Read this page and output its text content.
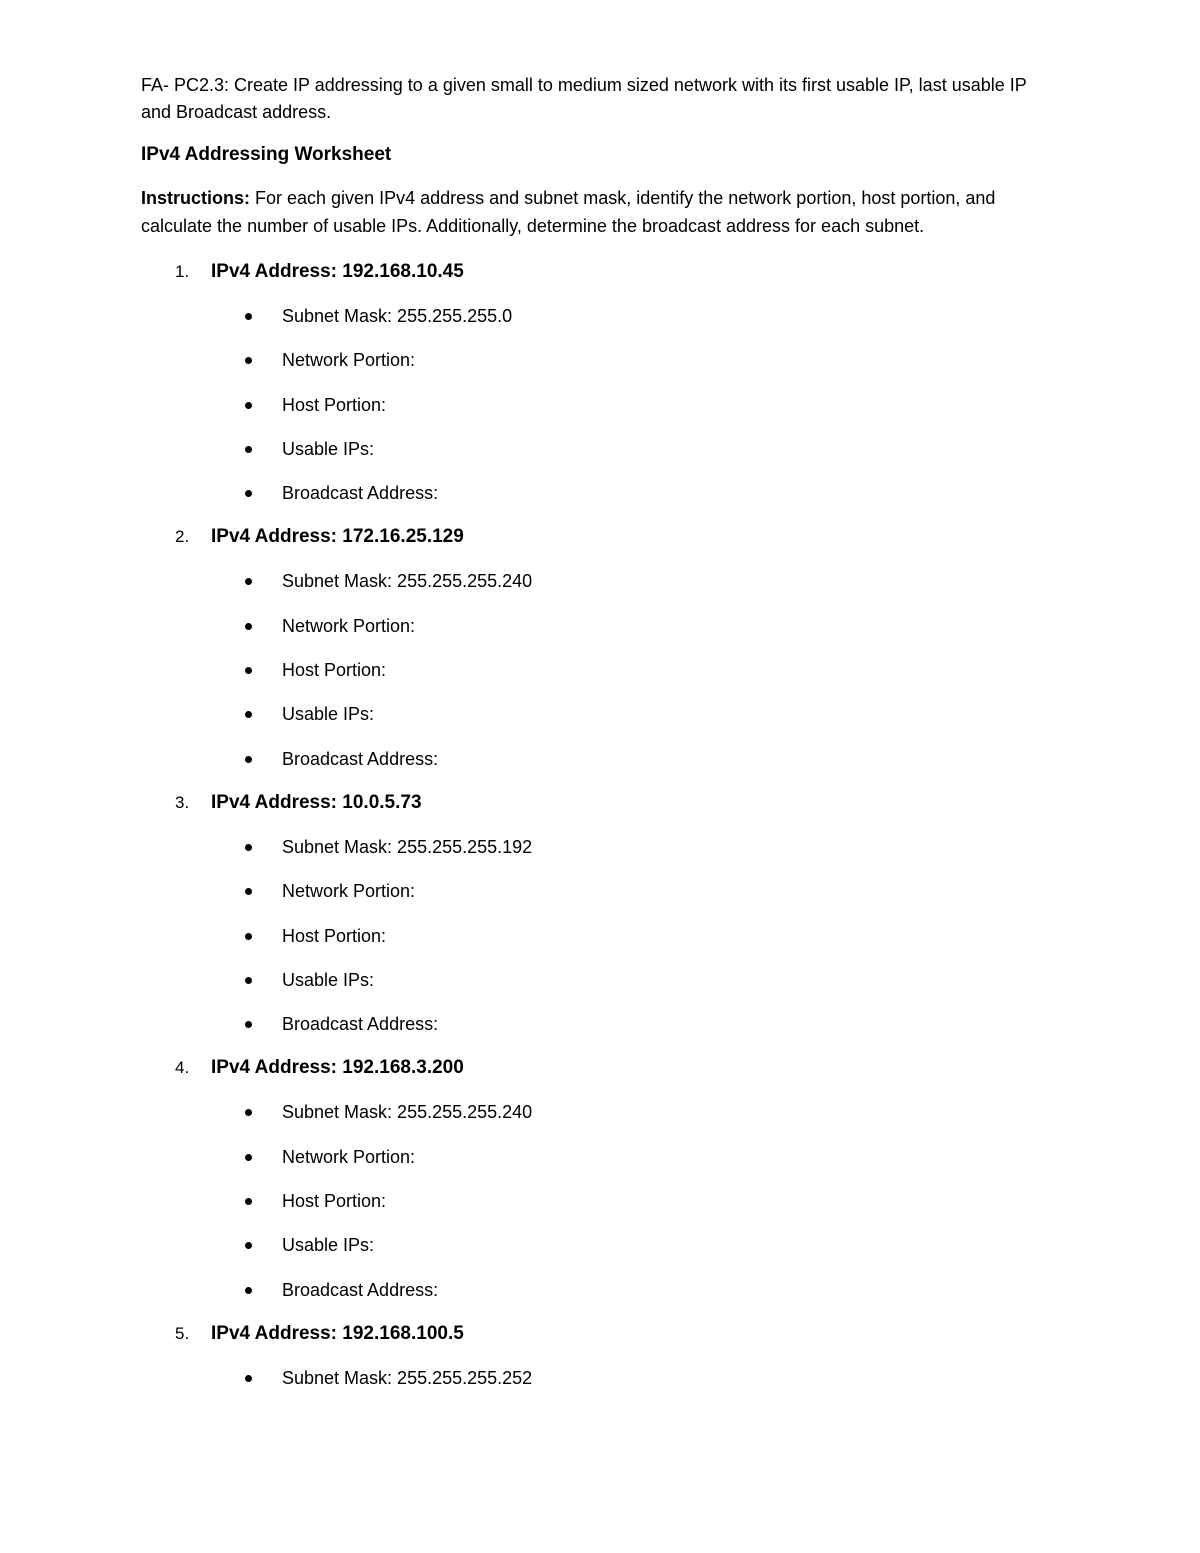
FA- PC2.3: Create IP addressing to a given small to medium sized network with its first usable IP, last usable IP and Broadcast address.

IPv4 Addressing Worksheet

Instructions: For each given IPv4 address and subnet mask, identify the network portion, host portion, and calculate the number of usable IPs. Additionally, determine the broadcast address for each subnet.

1. IPv4 Address: 192.168.10.45
Subnet Mask: 255.255.255.0
Network Portion:
Host Portion:
Usable IPs:
Broadcast Address:
2. IPv4 Address: 172.16.25.129
Subnet Mask: 255.255.255.240
Network Portion:
Host Portion:
Usable IPs:
Broadcast Address:
3. IPv4 Address: 10.0.5.73
Subnet Mask: 255.255.255.192
Network Portion:
Host Portion:
Usable IPs:
Broadcast Address:
4. IPv4 Address: 192.168.3.200
Subnet Mask: 255.255.255.240
Network Portion:
Host Portion:
Usable IPs:
Broadcast Address:
5. IPv4 Address: 192.168.100.5
Subnet Mask: 255.255.255.252
